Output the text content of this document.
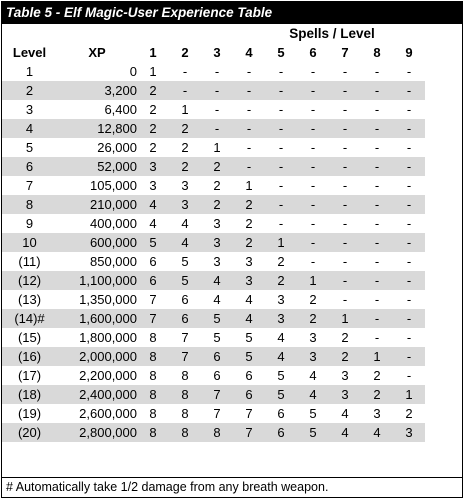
Table 5 - Elf Magic-User Experience Table
Spells / Level
Level	XP	1	2	3	4	5	6	7	8	9
1	0	1	-	-	-	-	-	-	-	-
2	3,200	2	-	-	-	-	-	-	-	-
3	6,400	2	1	-	-	-	-	-	-	-
4	12,800	2	2	-	-	-	-	-	-	-
5	26,000	2	2	1	-	-	-	-	-	-
6	52,000	3	2	2	-	-	-	-	-	-
7	105,000	3	3	2	1	-	-	-	-	-
8	210,000	4	3	2	2	-	-	-	-	-
9	400,000	4	4	3	2	-	-	-	-	-
10	600,000	5	4	3	2	1	-	-	-	-
(11)	850,000	6	5	3	3	2	-	-	-	-
(12)	1,100,000	6	5	4	3	2	1	-	-	-
(13)	1,350,000	7	6	4	4	3	2	-	-	-
(14)#	1,600,000	7	6	5	4	3	2	1	-	-
(15)	1,800,000	8	7	5	5	4	3	2	-	-
(16)	2,000,000	8	7	6	5	4	3	2	1	-
(17)	2,200,000	8	8	6	6	5	4	3	2	-
(18)	2,400,000	8	8	7	6	5	4	3	2	1
(19)	2,600,000	8	8	7	7	6	5	4	3	2
(20)	2,800,000	8	8	8	7	6	5	4	4	3
# Automatically take 1/2 damage from any breath weapon.
